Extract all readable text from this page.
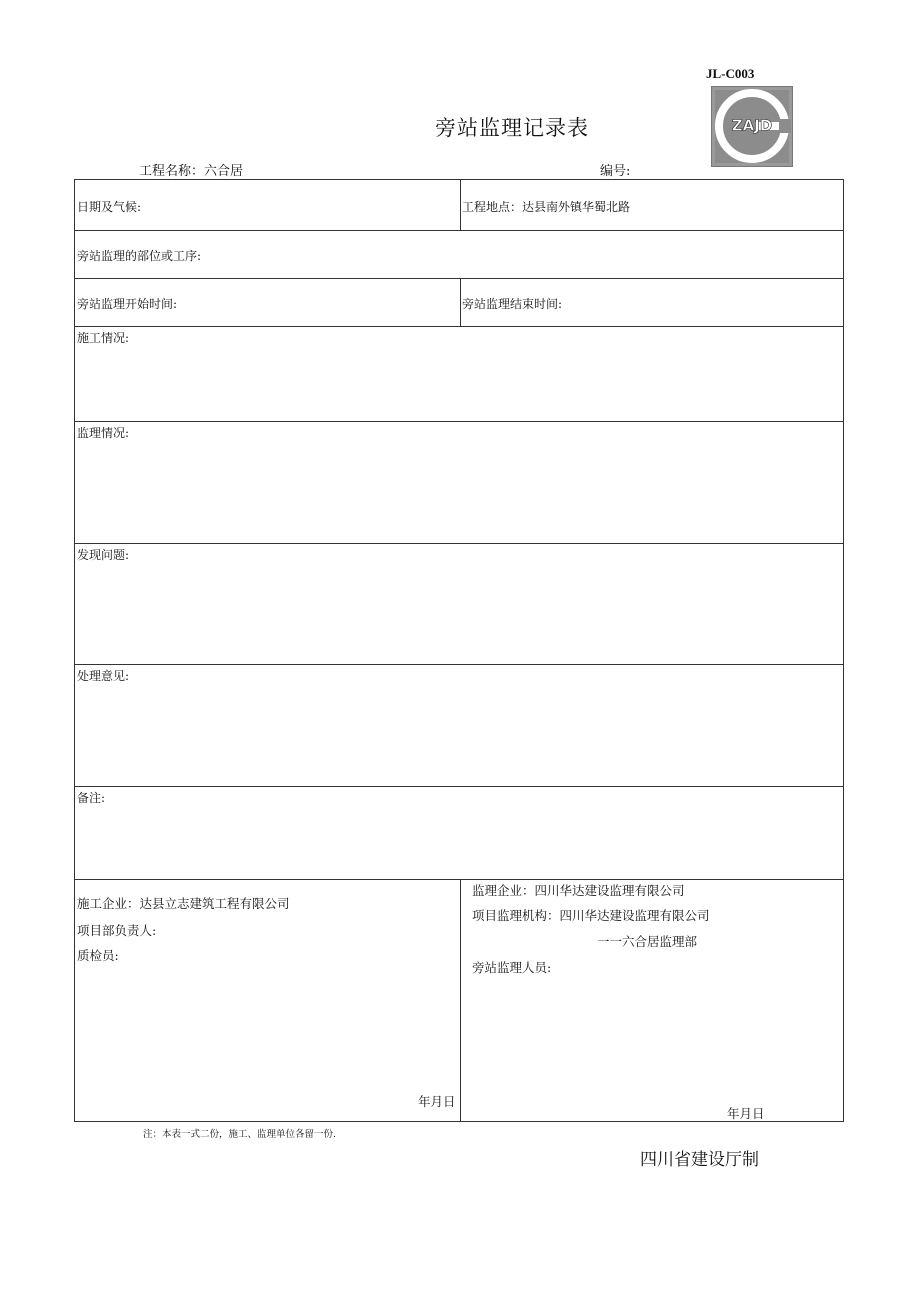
JL-C003
ZAJD
旁站监理记录表
工程名称：六合居	编号:
日期及气候:	工程地点：达县南外镇华蜀北路
旁站监理的部位或工序:
旁站监理开始时间:	旁站监理结束时间:
施工情况:
监理情况:
发现问题:
处理意见:
备注:
施工企业：达县立志建筑工程有限公司
项目部负责人:
质检员:
年月日
监理企业：四川华达建设监理有限公司
项目监理机构：四川华达建设监理有限公司
一一六合居监理部
旁站监理人员:
年月日
注：本表一式二份，施工、监理单位各留一份.
四川省建设厅制
